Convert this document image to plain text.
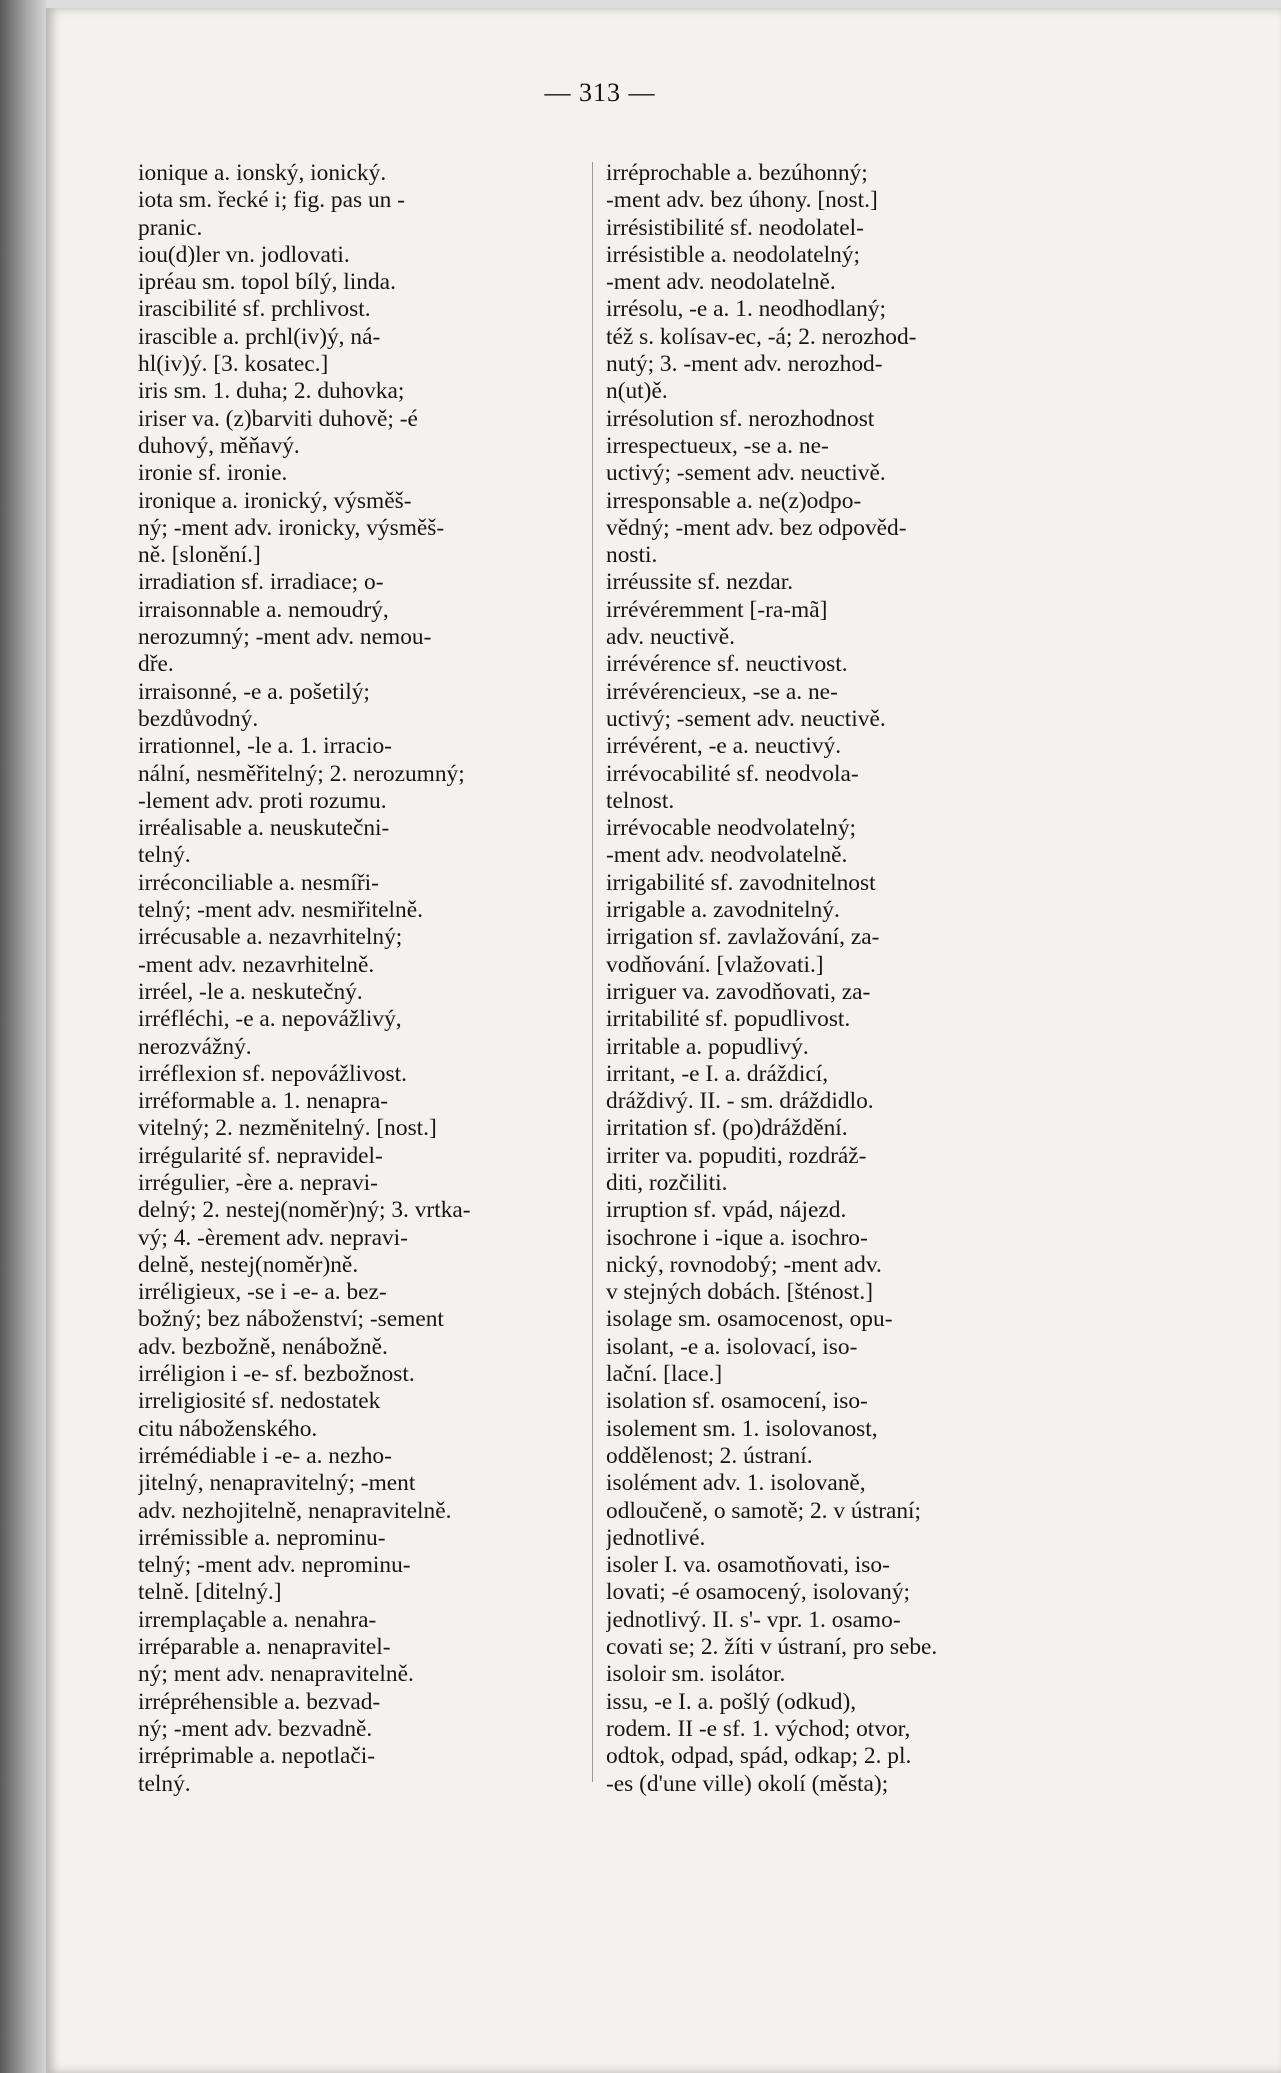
— 313 —
ionique a. ionský, ionický.
iota sm. řecké i; fig. pas un -
pranic.
iou(d)ler vn. jodlovati.
ipréau sm. topol bílý, linda.
irascibilité sf. prchlivost.
irascible a. prchl(iv)ý, ná-
hl(iv)ý. [3. kosatec.]
iris sm. 1. duha; 2. duhovka;
iriser va. (z)barviti duhově; -é
duhový, měňavý.
ironie sf. ironie.
ironique a. ironický, výsměš-
ný; -ment adv. ironicky, výsměš-
ně. [slonění.]
irradiation sf. irradiace; o-
irraisonnable a. nemoudrý,
nerozumný; -ment adv. nemou-
dře.
irraisonné, -e a. pošetilý;
bezdůvodný.
irrationnel, -le a. 1. irracio-
nální, nesměřitelný; 2. nerozumný;
-lement adv. proti rozumu.
irréalisable a. neuskutečni-
telný.
irréconciliable a. nesmíři-
telný; -ment adv. nesmiřitelně.
irrécusable a. nezavrhitelný;
-ment adv. nezavrhitelně.
irréel, -le a. neskutečný.
irréfléchi, -e a. nepovážlivý,
nerozvážný.
irréflexion sf. nepovážlivost.
irréformable a. 1. nenapra-
vitelný; 2. nezměnitelný. [nost.]
irrégularité sf. nepravidel-
irrégulier, -ère a. nepravi-
delný; 2. nestej(noměr)ný; 3. vrtka-
vý; 4. -èrement adv. nepravi-
delně, nestej(noměr)ně.
irréligieux, -se i -e- a. bez-
božný; bez náboženství; -sement
adv. bezbožně, nenábožně.
irréligion i -e- sf. bezbožnost.
irreligiosité sf. nedostatek
citu náboženského.
irrémédiable i -e- a. nezho-
jitelný, nenapravitelný; -ment
adv. nezhojitelně, nenapravitelně.
irrémissible a. neprominu-
telný; -ment adv. neprominu-
telně. [ditelný.]
irremplaçable a. nenahra-
irréparable a. nenapravitel-
ný; ment adv. nenapravitelně.
irrépréhensible a. bezvad-
ný; -ment adv. bezvadně.
irréprimable a. nepotlači-
telný.
irréprochable a. bezúhonný;
-ment adv. bez úhony. [nost.]
irrésistibilité sf. neodolatel-
irrésistible a. neodolatelný;
-ment adv. neodolatelně.
irrésolu, -e a. 1. neodhodlaný;
též s. kolísav-ec, -á; 2. nerozhod-
nutý; 3. -ment adv. nerozhod-
n(ut)ě.
irrésolution sf. nerozhodnost
irrespectueux, -se a. ne-
uctivý; -sement adv. neuctivě.
irresponsable a. ne(z)odpo-
vědný; -ment adv. bez odpověd-
nosti.
irréussite sf. nezdar.
irrévéremment [-ra-mã]
adv. neuctivě.
irrévérence sf. neuctivost.
irrévérencieux, -se a. ne-
uctivý; -sement adv. neuctivě.
irrévérent, -e a. neuctivý.
irrévocabilité sf. neodvola-
telnost.
irrévocable neodvolatelný;
-ment adv. neodvolatelně.
irrigabilité sf. zavodnitelnost
irrigable a. zavodnitelný.
irrigation sf. zavlažování, za-
vodňování. [vlažovati.]
irriguer va. zavodňovati, za-
irritabilité sf. popudlivost.
irritable a. popudlivý.
irritant, -e I. a. dráždicí,
dráždivý. II. - sm. dráždidlo.
irritation sf. (po)dráždění.
irriter va. popuditi, rozdráž-
diti, rozčiliti.
irruption sf. vpád, nájezd.
isochrone i -ique a. isochro-
nický, rovnodobý; -ment adv.
v stejných dobách. [šténost.]
isolage sm. osamocenost, opu-
isolant, -e a. isolovací, iso-
lační. [lace.]
isolation sf. osamocení, iso-
isolement sm. 1. isolovanost,
oddělenost; 2. ústraní.
isolément adv. 1. isolovaně,
odloučeně, o samotě; 2. v ústraní;
jednotlivé.
isoler I. va. osamotňovati, iso-
lovati; -é osamocený, isolovaný;
jednotlivý. II. s'- vpr. 1. osamo-
covati se; 2. žíti v ústraní, pro sebe.
isoloir sm. isolátor.
issu, -e I. a. pošlý (odkud),
rodem. II -e sf. 1. východ; otvor,
odtok, odpad, spád, odkap; 2. pl.
-es (d'une ville) okolí (města);
